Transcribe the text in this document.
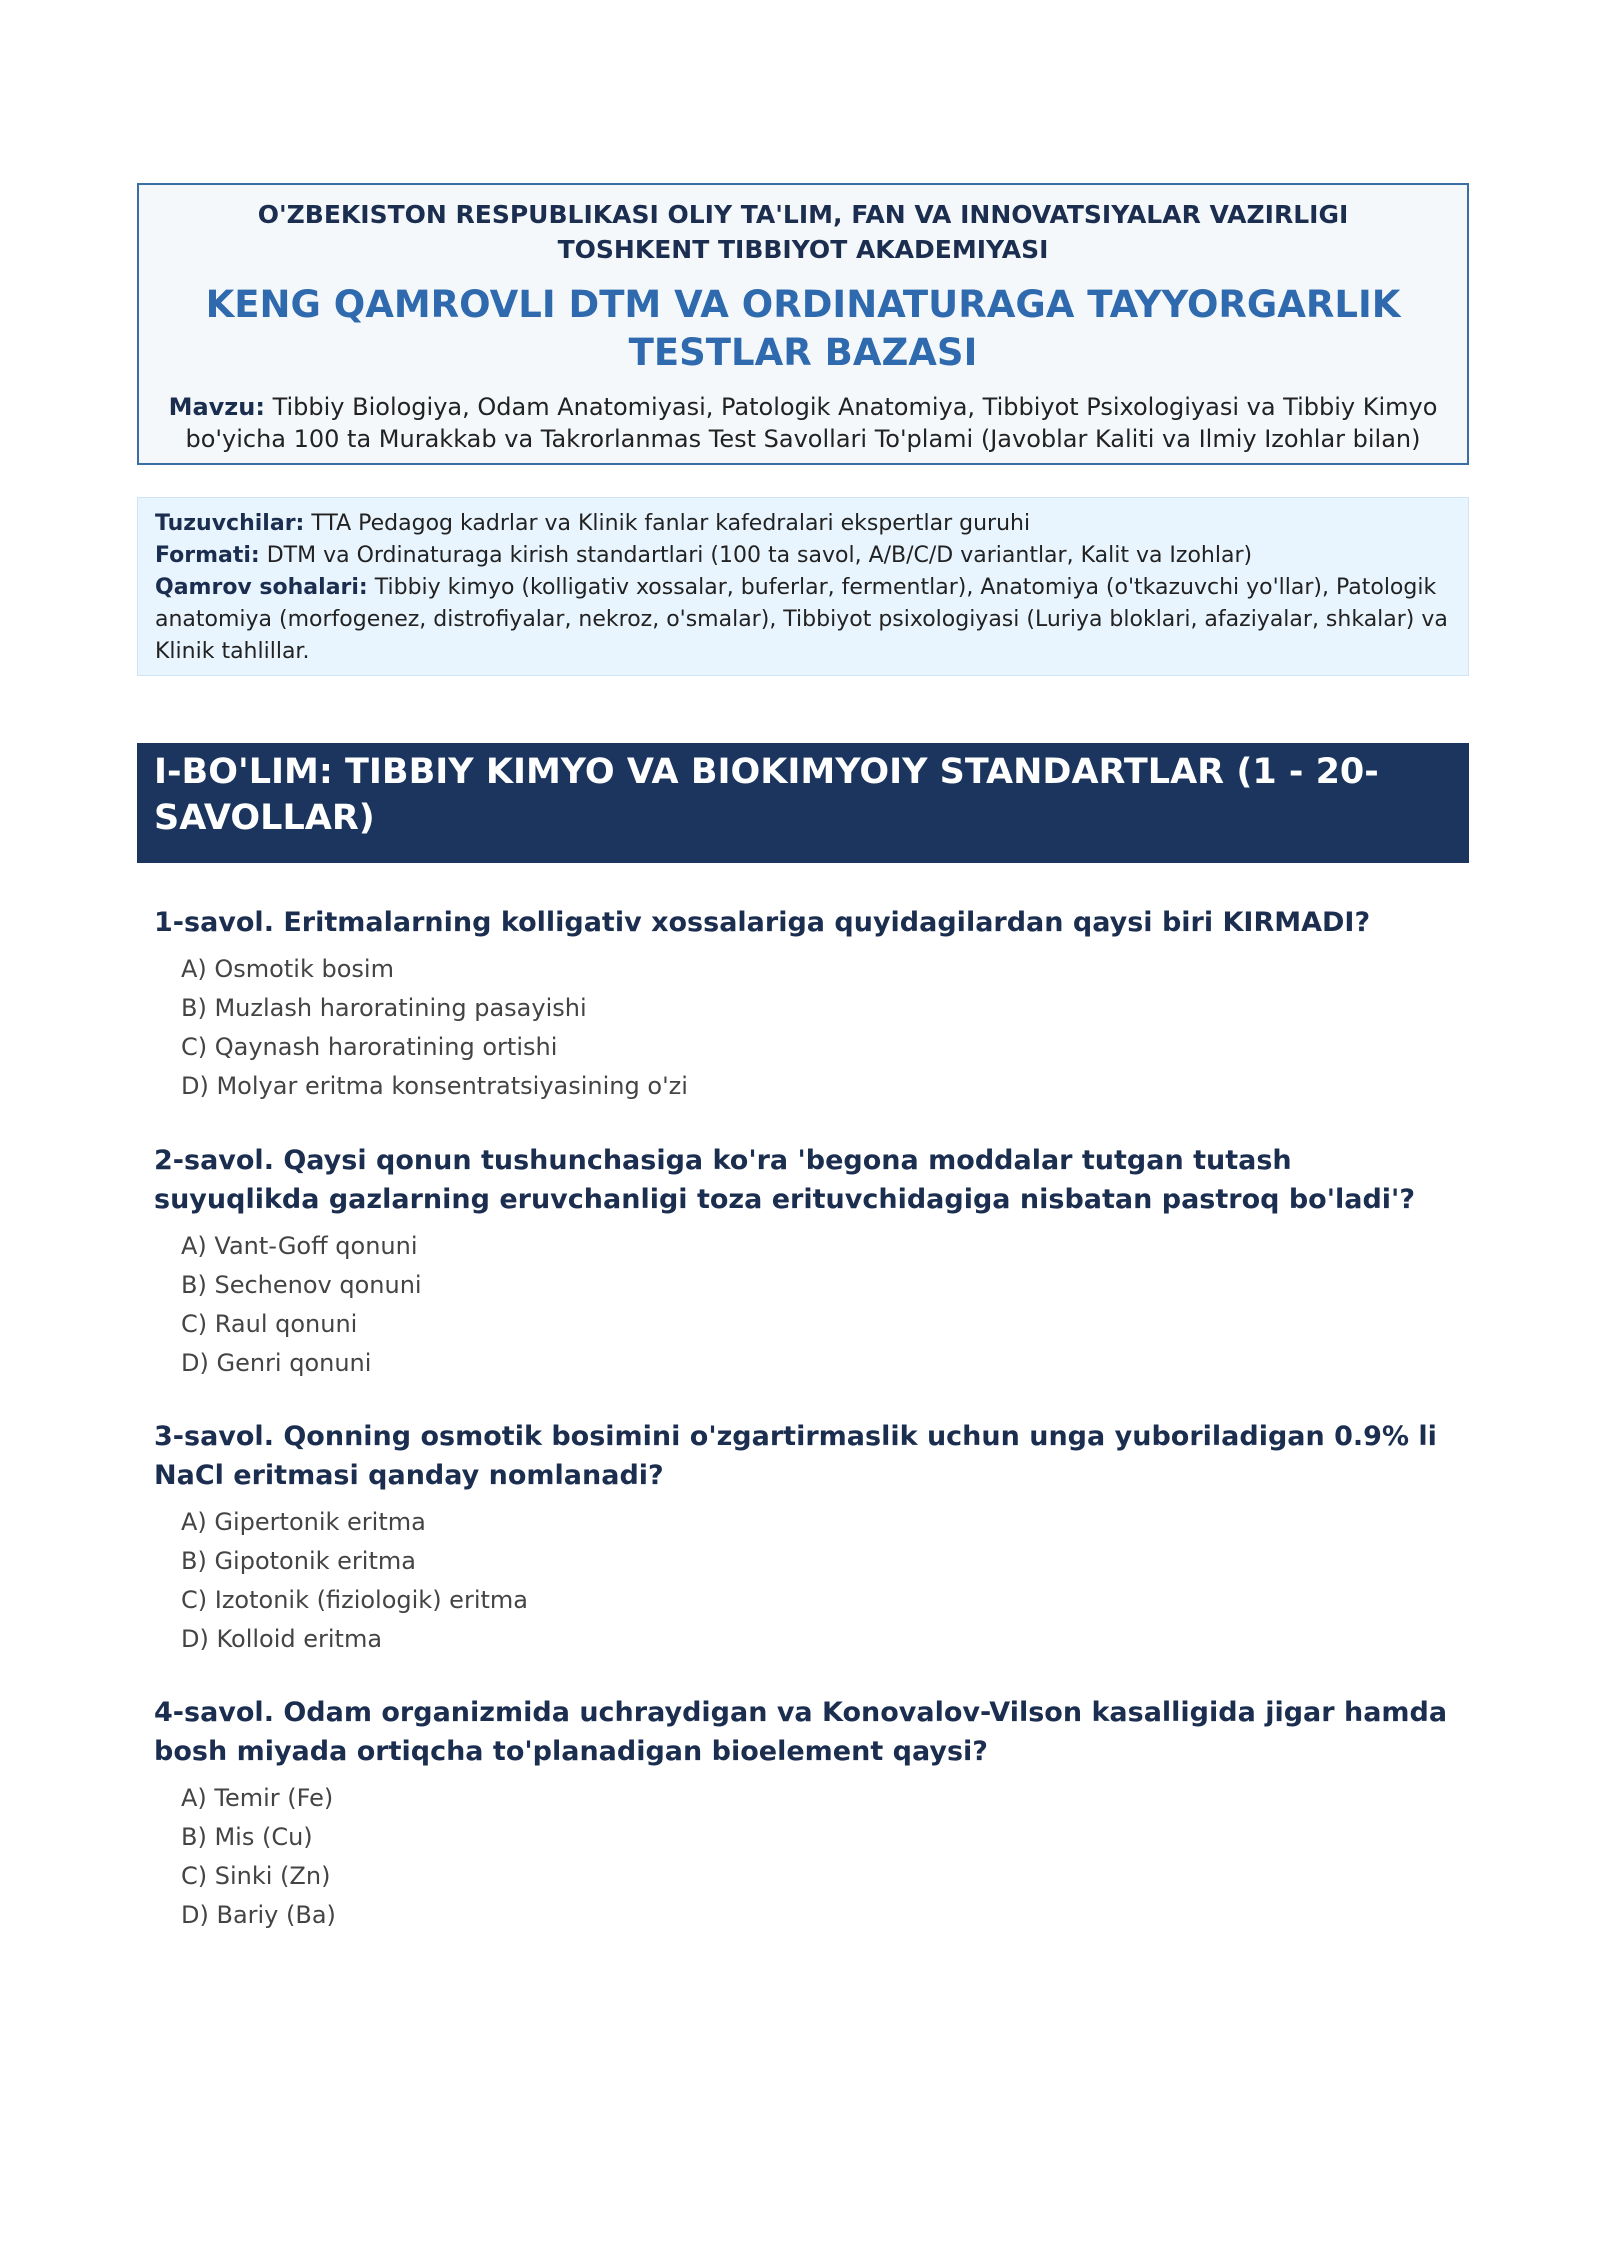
O'ZBEKISTON RESPUBLIKASI OLIY TA'LIM, FAN VA INNOVATSIYALAR VAZIRLIGI
TOSHKENT TIBBIYOT AKADEMIYASI
KENG QAMROVLI DTM VA ORDINATURAGA TAYYORGARLIK TESTLAR BAZASI
Mavzu: Tibbiy Biologiya, Odam Anatomiyasi, Patologik Anatomiya, Tibbiyot Psixologiyasi va Tibbiy Kimyo bo'yicha 100 ta Murakkab va Takrorlanmas Test Savollari To'plami (Javoblar Kaliti va Ilmiy Izohlar bilan)
Tuzuvchilar: TTA Pedagog kadrlar va Klinik fanlar kafedralari ekspertlar guruhi
Formati: DTM va Ordinaturaga kirish standartlari (100 ta savol, A/B/C/D variantlar, Kalit va Izohlar)
Qamrov sohalari: Tibbiy kimyo (kolligativ xossalar, buferlar, fermentlar), Anatomiya (o'tkazuvchi yo'llar), Patologik anatomiya (morfogenez, distrofiyalar, nekroz, o'smalar), Tibbiyot psixologiyasi (Luriya bloklari, afaziyalar, shkalar) va Klinik tahlillar.
I-BO'LIM: TIBBIY KIMYO VA BIOKIMYOIY STANDARTLAR (1 - 20-SAVOLLAR)
1-savol. Eritmalarning kolligativ xossalariga quyidagilardan qaysi biri KIRMADI?
A) Osmotik bosim
B) Muzlash haroratining pasayishi
C) Qaynash haroratining ortishi
D) Molyar eritma konsentratsiyasining o'zi
2-savol. Qaysi qonun tushunchasiga ko'ra 'begona moddalar tutgan tutash suyuqlikda gazlarning eruvchanligi toza erituvchidagiga nisbatan pastroq bo'ladi'?
A) Vant-Goff qonuni
B) Sechenov qonuni
C) Raul qonuni
D) Genri qonuni
3-savol. Qonning osmotik bosimini o'zgartirmaslik uchun unga yuboriladigan 0.9% li NaCl eritmasi qanday nomlanadi?
A) Gipertonik eritma
B) Gipotonik eritma
C) Izotonik (fiziologik) eritma
D) Kolloid eritma
4-savol. Odam organizmida uchraydigan va Konovalov-Vilson kasalligida jigar hamda bosh miyada ortiqcha to'planadigan bioelement qaysi?
A) Temir (Fe)
B) Mis (Cu)
C) Sinki (Zn)
D) Bariy (Ba)
